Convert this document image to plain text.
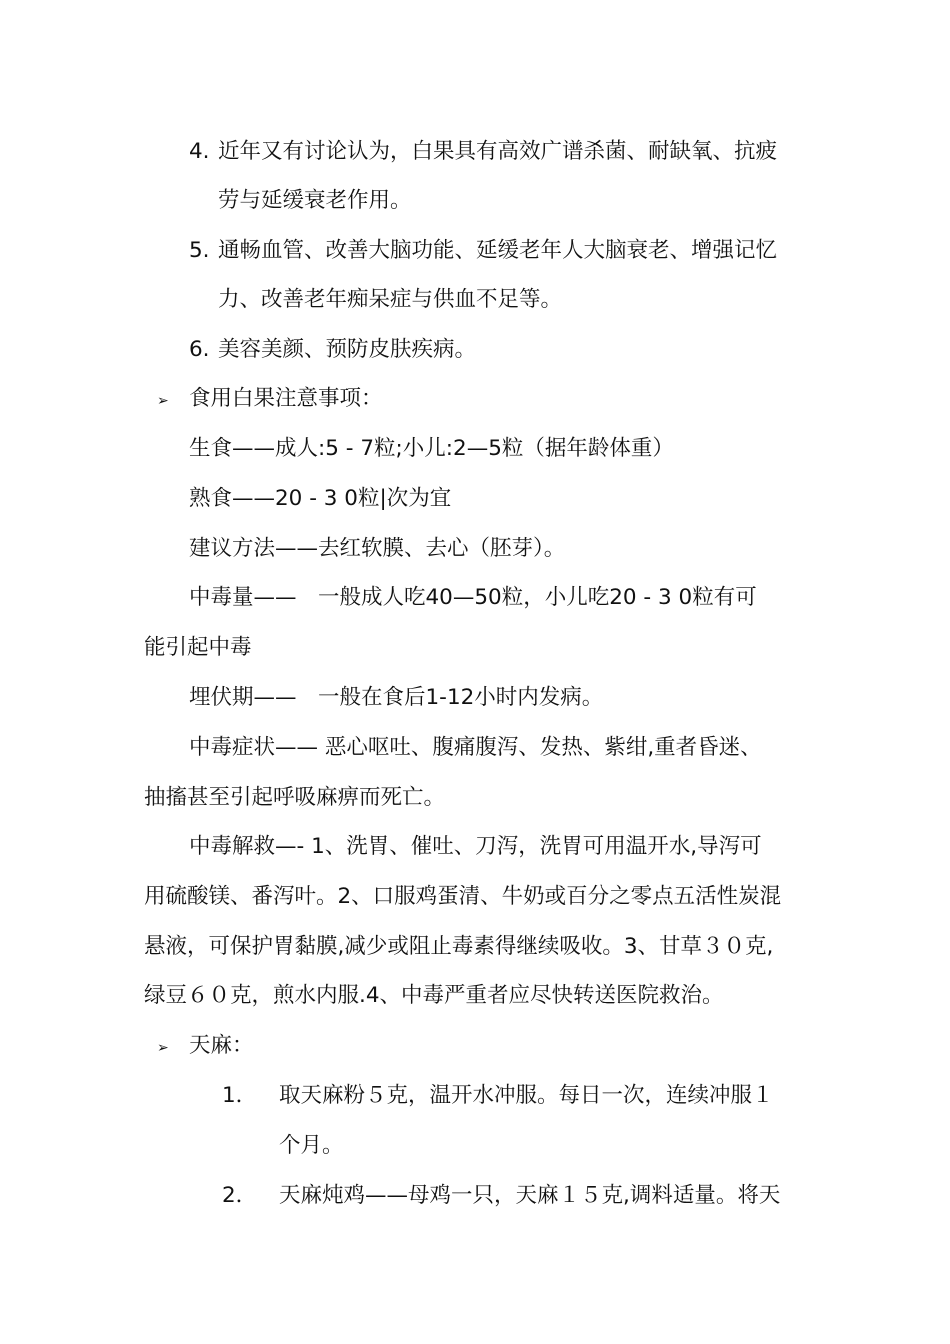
4. 近年又有讨论认为，白果具有高效广谱杀菌、耐缺氧、抗疲
劳与延缓衰老作用。
5. 通畅血管、改善大脑功能、延缓老年人大脑衰老、增强记忆
力、改善老年痴呆症与供血不足等。
6. 美容美颜、预防皮肤疾病。
➢ 食用白果注意事项：
生食——成人:5 - 7粒;小儿:2—5粒（据年龄体重）
熟食——20 - 3 0粒|次为宜
建议方法——去红软膜、去心（胚芽）。
中毒量——　一般成人吃40—50粒，小儿吃20 - 3 0粒有可
能引起中毒
埋伏期——　一般在食后1-12小时内发病。
中毒症状—— 恶心呕吐、腹痛腹泻、发热、紫绀,重者昏迷、
抽搐甚至引起呼吸麻痹而死亡。
中毒解救—- 1、洗胃、催吐、刀泻，洗胃可用温开水,导泻可
用硫酸镁、番泻叶。2、口服鸡蛋清、牛奶或百分之零点五活性炭混
悬液，可保护胃黏膜,减少或阻止毒素得继续吸收。3、甘草３０克,
绿豆６０克，煎水内服.4、中毒严重者应尽快转送医院救治。
➢ 天麻：
1． 取天麻粉５克，温开水冲服。每日一次，连续冲服１
个月。
2． 天麻炖鸡——母鸡一只，天麻１５克,调料适量。将天
